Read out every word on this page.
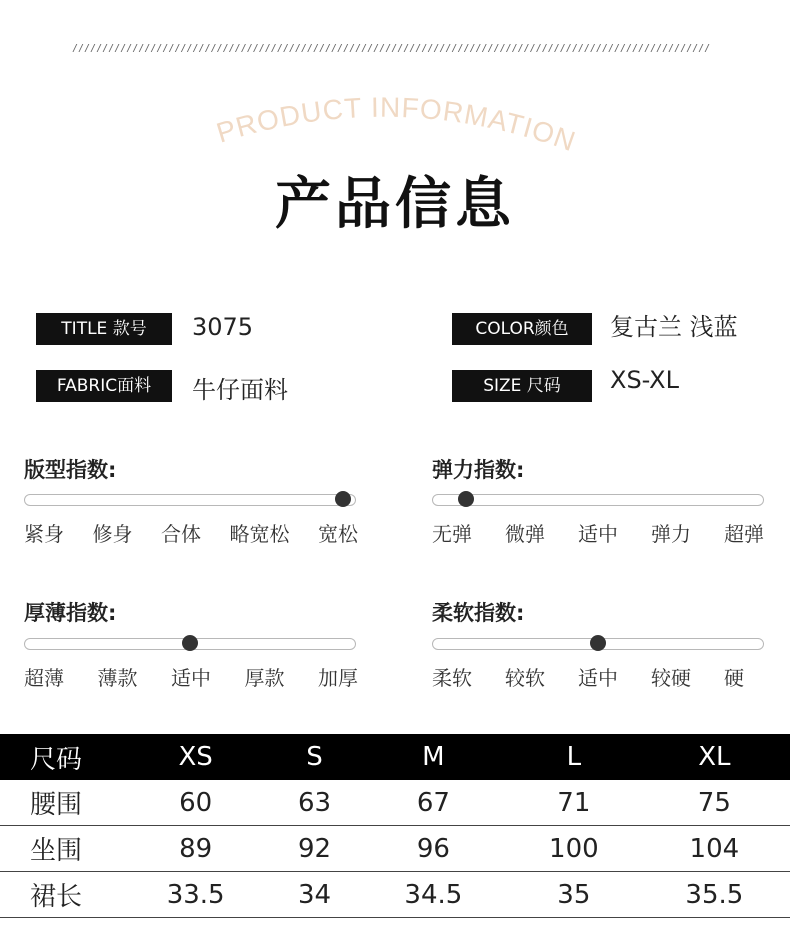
//////////////////////////////////////////////////////////////////////////////////////////////////////////
PRODUCT INFORMATION
产品信息
TITLE 款号	3075
FABRIC面料	牛仔面料
COLOR颜色	复古兰 浅蓝
SIZE 尺码	XS-XL
版型指数:
紧身 修身 合体 略宽松 宽松
弹力指数:
无弹 微弹 适中 弹力 超弹
厚薄指数:
超薄 薄款 适中 厚款 加厚
柔软指数:
柔软 较软 适中 较硬 硬
尺码	XS	S	M	L	XL
腰围	60	63	67	71	75
坐围	89	92	96	100	104
裙长	33.5	34	34.5	35	35.5
